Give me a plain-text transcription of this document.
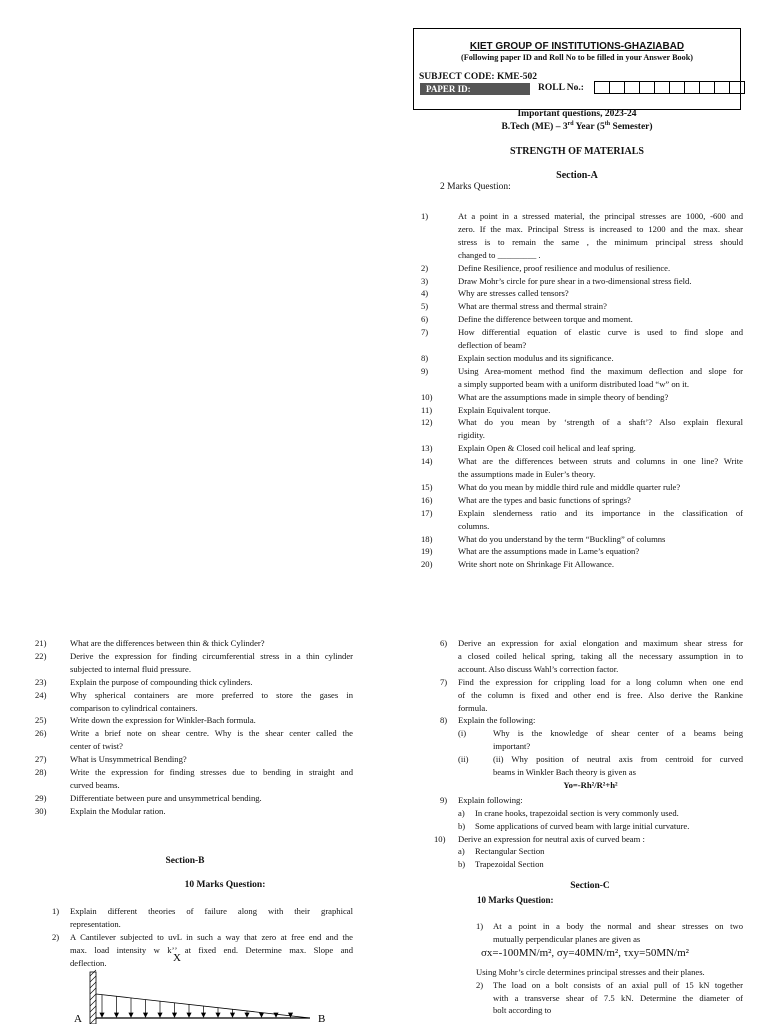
KIET GROUP OF INSTITUTIONS-GHAZIABAD
(Following paper ID and Roll No to be filled in your Answer Book)
SUBJECT CODE: KME-502
PAPER ID:	ROLL No.:
Important questions, 2023-24
B.Tech (ME) – 3rd Year (5th Semester)
STRENGTH OF MATERIALS
Section-A
2 Marks Question:
1)	At a point in a stressed material, the principal stresses are 1000, -600 and
zero. If the max. Principal Stress is increased to 1200 and the max. shear
stress is to remain the same , the minimum principal stress should
changed to _________ .
2)	Define Resilience, proof resilience and modulus of resilience.
3)	Draw Mohr’s circle for pure shear in a two-dimensional stress field.
4)	Why are stresses called tensors?
5)	What are thermal stress and thermal strain?
6)	Define the difference between torque and moment.
7)	How differential equation of elastic curve is used to find slope and
deflection of beam?
8)	Explain section modulus and its significance.
9)	Using Area-moment method find the maximum deflection and slope for
a simply supported beam with a uniform distributed load “w” on it.
10)	What are the assumptions made in simple theory of bending?
11)	Explain Equivalent torque.
12)	What do you mean by ‘strength of a shaft’? Also explain flexural
rigidity.
13)	Explain Open & Closed coil helical and leaf spring.
14)	What are the differences between struts and columns in one line? Write
the assumptions made in Euler’s theory.
15)	What do you mean by middle third rule and middle quarter rule?
16)	What are the types and basic functions of springs?
17)	Explain slenderness ratio and its importance in the classification of
columns.
18)	What do you understand by the term “Buckling” of columns
19)	What are the assumptions made in Lame’s equation?
20)	Write short note on Shrinkage Fit Allowance.
21)	What are the differences between thin & thick Cylinder?
22)	Derive the expression for finding circumferential stress in a thin cylinder
subjected to internal fluid pressure.
23)	Explain the purpose of compounding thick cylinders.
24)	Why spherical containers are more preferred to store the gases in
comparison to cylindrical containers.
25)	Write down the expression for Winkler-Bach formula.
26)	Write a brief note on shear centre. Why is the shear center called the
center of twist?
27)	What is Unsymmetrical Bending?
28)	Write the expression for finding stresses due to bending in straight and
curved beams.
29)	Differentiate between pure and unsymmetrical bending.
30)	Explain the Modular ration.
Section-B
10 Marks Question:
1) Explain different theories of failure along with their graphical
representation.
2) A Cantilever subjected to uvL in such a way that zero at free end and the
max. load intensity w kʼʼ at fixed end. Determine max. Slope and
deflection.	X
A	B
6) Derive an expression for axial elongation and maximum shear stress for
a closed coiled helical spring, taking all the necessary assumption in to
account. Also discuss Wahl’s correction factor.
7) Find the expression for crippling load for a long column when one end
of the column is fixed and other end is free. Also derive the Rankine
formula.
8) Explain the following:
(i)	Why is the knowledge of shear center of a beams being
important?
(ii)	(ii) Why position of neutral axis from centroid for curved
beams in Winkler Bach theory is given as
Yo=-Rh²/R²+h²
9) Explain following:
a) In crane hooks, trapezoidal section is very commonly used.
b) Some applications of curved beam with large initial curvature.
10) Derive an expression for neutral axis of curved beam :
a) Rectangular Section
b) Trapezoidal Section
Section-C
10 Marks Question:
1) At a point in a body the normal and shear stresses on two
mutually perpendicular planes are given as
σx=-100MN/m², σy=40MN/m², τxy=50MN/m²
Using Mohr’s circle determines principal stresses and their planes.
2) The load on a bolt consists of an axial pull of 15 kN together
with a transverse shear of 7.5 kN. Determine the diameter of
bolt according to
